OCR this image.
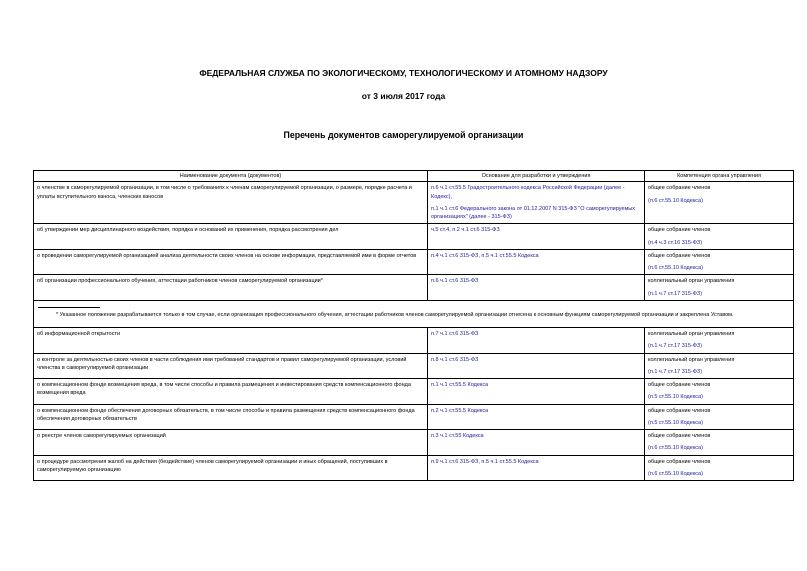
ФЕДЕРАЛЬНАЯ СЛУЖБА ПО ЭКОЛОГИЧЕСКОМУ, ТЕХНОЛОГИЧЕСКОМУ И АТОМНОМУ НАДЗОРУ
от 3 июля 2017 года
Перечень документов саморегулируемой организации
Наименование документа (документов)	Основание для разработки и утверждения	Компетенция органа управления
о членстве в саморегулируемой организации, в том числе о требованиях к членам саморегулируемой организации, о размере, порядке расчета и уплаты вступительного взноса, членских взносов	п.6 ч.1 ст.55.5 Градостроительного кодекса Российской Федерации (далее - Кодекс),
п.1 ч.1 ст.6 Федерального закона от 01.12.2007 N 315-ФЗ "О саморегулируемых организациях" (далее - 315-ФЗ)	общее собрание членов
(п.6 ст.55.10 Кодекса)

об утверждении мер дисциплинарного воздействия, порядка и оснований их применения, порядка рассмотрения дел	ч.5 ст.4, п.2 ч.1 ст.6 315-ФЗ	общее собрание членов
(п.4 ч.3 ст.16 315-ФЗ)

о проведении саморегулируемой организацией анализа деятельности своих членов на основе информации, представляемой ими в форме отчетов	п.4 ч.1 ст.6 315-ФЗ, п.5 ч.1 ст.55.5 Кодекса	общее собрание членов
(п.6 ст.55.10 Кодекса)

об организации профессионального обучения, аттестации работников членов саморегулируемой организации*	п.6 ч.1 ст.6 315-ФЗ	коллегиальный орган управления
(п.1 ч.7 ст.17 315-ФЗ)

* Указанное положение разрабатывается только в том случае, если организация профессионального обучения, аттестации работников членов саморегулируемой организации отнесена к основным функциям саморегулируемой организации и закреплена Уставом.		

об информационной открытости	п.7 ч.1 ст.6 315-ФЗ	коллегиальный орган управления
(п.1 ч.7 ст.17 315-ФЗ)

о контроле за деятельностью своих членов в части соблюдения ими требований стандартов и правил саморегулируемой организации, условий членства в саморегулируемой организации	п.8 ч.1 ст.6 315-ФЗ	коллегиальный орган управления
(п.1 ч.7 ст.17 315-ФЗ)

о компенсационном фонде возмещения вреда, в том числе способы и правила размещения и инвестирования средств компенсационного фонда возмещения вреда	п.1 ч.1 ст.55.5 Кодекса	общее собрание членов
(п.5 ст.55.10 Кодекса)

о компенсационном фонде обеспечения договорных обязательств, в том числе способы и правила размещения средств компенсационного фонда обеспечения договорных обязательств	п.2 ч.1 ст.55.5 Кодекса	общее собрание членов
(п.5 ст.55.10 Кодекса)

о реестре членов саморегулируемых организаций	п.3 ч.1 ст.55 Кодекса	общее собрание членов
(п.6 ст.55.10 Кодекса)

о процедуре рассмотрения жалоб на действия (бездействие) членов саморегулируемой организации и иных обращений, поступивших в саморегулируемую организацию	п.9 ч.1 ст.6 315-ФЗ, п.5 ч.1 ст.55.5 Кодекса	общее собрание членов
(п.6 ст.55.10 Кодекса)
